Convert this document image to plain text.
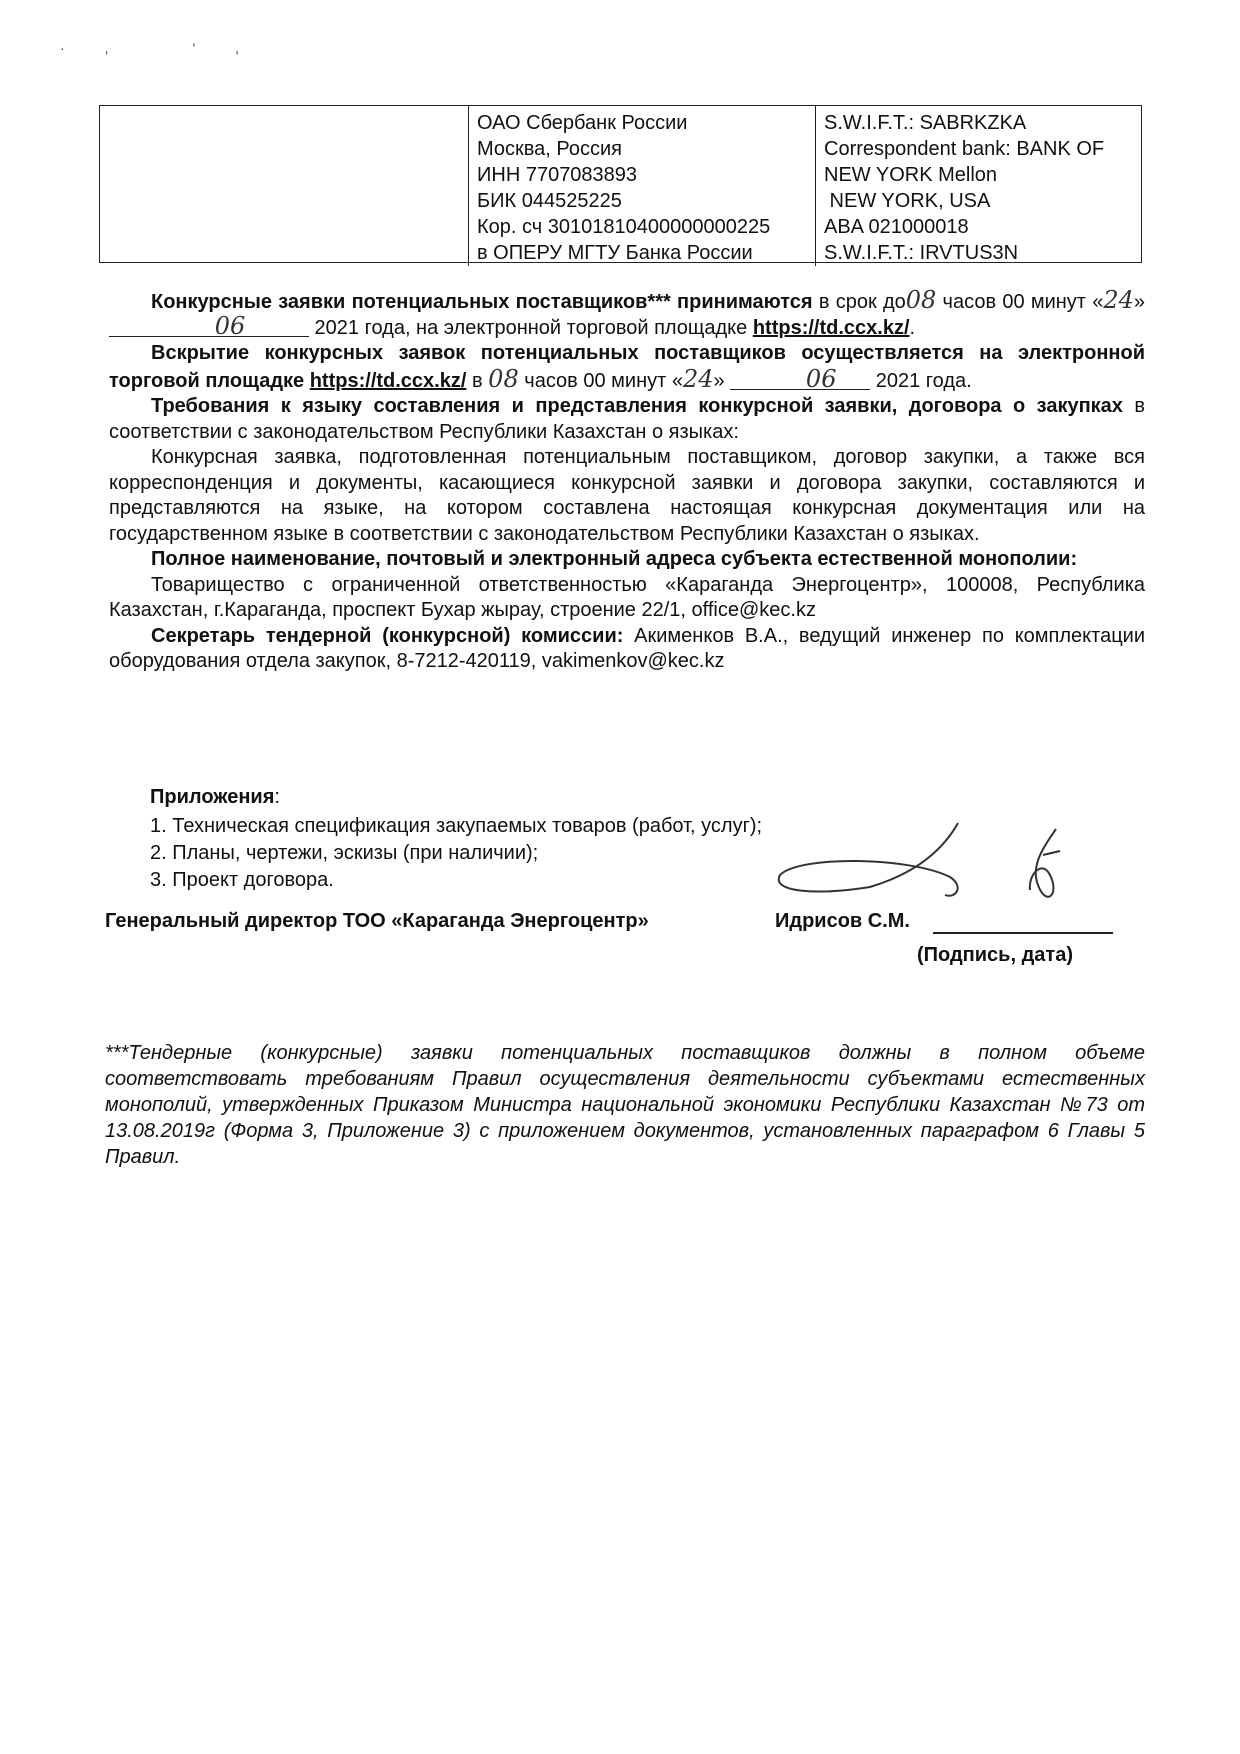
·, ',
ОАО Сбербанк России
Москва, Россия
ИНН 7707083893
БИК 044525225
Кор. сч 30101810400000000225
в ОПЕРУ МГТУ Банка России
S.W.I.F.T.: SABRKZKA
Correspondent bank: BANK OF
NEW YORK Mellon
NEW YORK, USA
ABA 021000018
S.W.I.F.T.: IRVTUS3N

Конкурсные заявки потенциальных поставщиков*** принимаются в срок до08 часов 00 минут «24» 06	2021 года, на электронной торговой площадке https://td.ccx.kz/.

Вскрытие конкурсных заявок потенциальных поставщиков осуществляется на электронной торговой площадке https://td.ccx.kz/ в 08 часов 00 минут «24»	06 2021 года.

Требования к языку составления и представления конкурсной заявки, договора о закупках в соответствии с законодательством Республики Казахстан о языках:

Конкурсная заявка, подготовленная потенциальным поставщиком, договор закупки, а также вся корреспонденция и документы, касающиеся конкурсной заявки и договора закупки, составляются и представляются на языке, на котором составлена настоящая конкурсная документация или на государственном языке в соответствии с законодательством Республики Казахстан о языках.

Полное наименование, почтовый и электронный адреса субъекта естественной монополии:

Товарищество с ограниченной ответственностью «Караганда Энергоцентр», 100008, Республика Казахстан, г.Караганда, проспект Бухар жырау, строение 22/1, office@kec.kz

Секретарь тендерной (конкурсной) комиссии: Акименков В.А., ведущий инженер по комплектации оборудования отдела закупок, 8-7212-420119, vakimenkov@kec.kz

Приложения:
1. Техническая спецификация закупаемых товаров (работ, услуг);
2. Планы, чертежи, эскизы (при наличии);
3. Проект договора.
Генеральный директор ТОО «Караганда Энергоцентр»	Идрисов С.М.
(Подпись, дата)
***Тендерные (конкурсные) заявки потенциальных поставщиков должны в полном объеме соответствовать требованиям Правил осуществления деятельности субъектами естественных монополий, утвержденных Приказом Министра национальной экономики Республики Казахстан №73 от 13.08.2019г (Форма 3, Приложение 3) с приложением документов, установленных параграфом 6 Главы 5 Правил.
